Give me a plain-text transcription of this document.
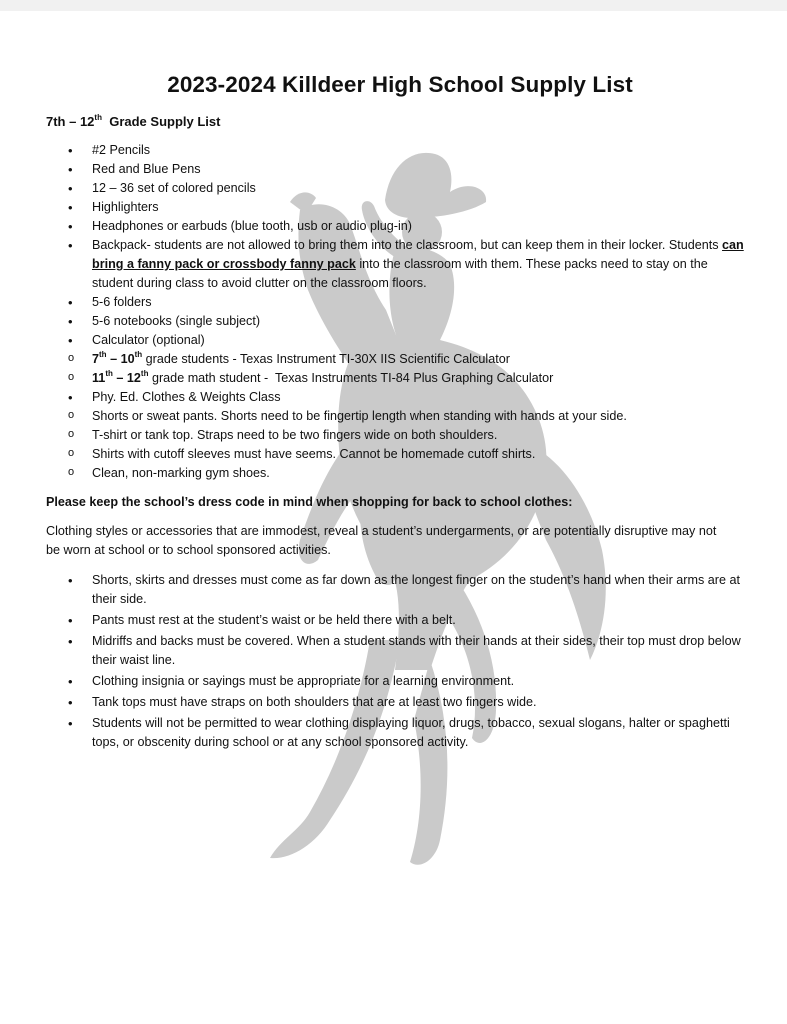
2023-2024 Killdeer High School Supply List
7th – 12th  Grade Supply List
• #2 Pencils
• Red and Blue Pens
• 12 – 36 set of colored pencils
• Highlighters
• Headphones or earbuds (blue tooth, usb or audio plug-in)
• Backpack- students are not allowed to bring them into the classroom, but can keep them in their locker. Students can bring a fanny pack or crossbody fanny pack into the classroom with them. These packs need to stay on the student during class to avoid clutter on the classroom floors.
• 5-6 folders
• 5-6 notebooks (single subject)
• Calculator (optional)
o 7th – 10th grade students - Texas Instrument TI-30X IIS Scientific Calculator
o 11th – 12th grade math student -  Texas Instruments TI-84 Plus Graphing Calculator
• Phy. Ed. Clothes & Weights Class
o Shorts or sweat pants. Shorts need to be fingertip length when standing with hands at your side.
o T-shirt or tank top. Straps need to be two fingers wide on both shoulders.
o Shirts with cutoff sleeves must have seems. Cannot be homemade cutoff shirts.
o Clean, non-marking gym shoes.
Please keep the school’s dress code in mind when shopping for back to school clothes:
Clothing styles or accessories that are immodest, reveal a student’s undergarments, or are potentially disruptive may not be worn at school or to school sponsored activities.
• Shorts, skirts and dresses must come as far down as the longest finger on the student’s hand when their arms are at their side.
• Pants must rest at the student’s waist or be held there with a belt.
• Midriffs and backs must be covered. When a student stands with their hands at their sides, their top must drop below their waist line.
• Clothing insignia or sayings must be appropriate for a learning environment.
• Tank tops must have straps on both shoulders that are at least two fingers wide.
• Students will not be permitted to wear clothing displaying liquor, drugs, tobacco, sexual slogans, halter or spaghetti tops, or obscenity during school or at any school sponsored activity.
